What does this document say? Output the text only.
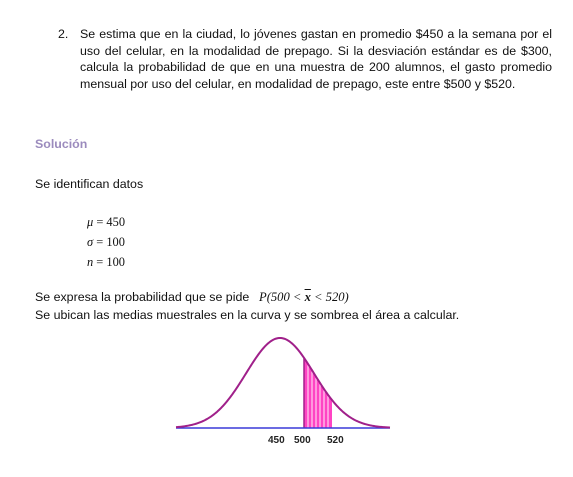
2. Se estima que en la ciudad, lo jóvenes gastan en promedio $450 a la semana por el uso del celular, en la modalidad de prepago. Si la desviación estándar es de $300, calcula la probabilidad de que en una muestra de 200 alumnos, el gasto promedio mensual por uso del celular, en modalidad de prepago, este entre $500 y $520.
Solución
Se identifican datos
μ = 450
σ = 100
n = 100
Se expresa la probabilidad que se pide $P(500 < \overline{x} < 520)$
Se ubican las medias muestrales en la curva y se sombrea el área a calcular.
450 500 520
